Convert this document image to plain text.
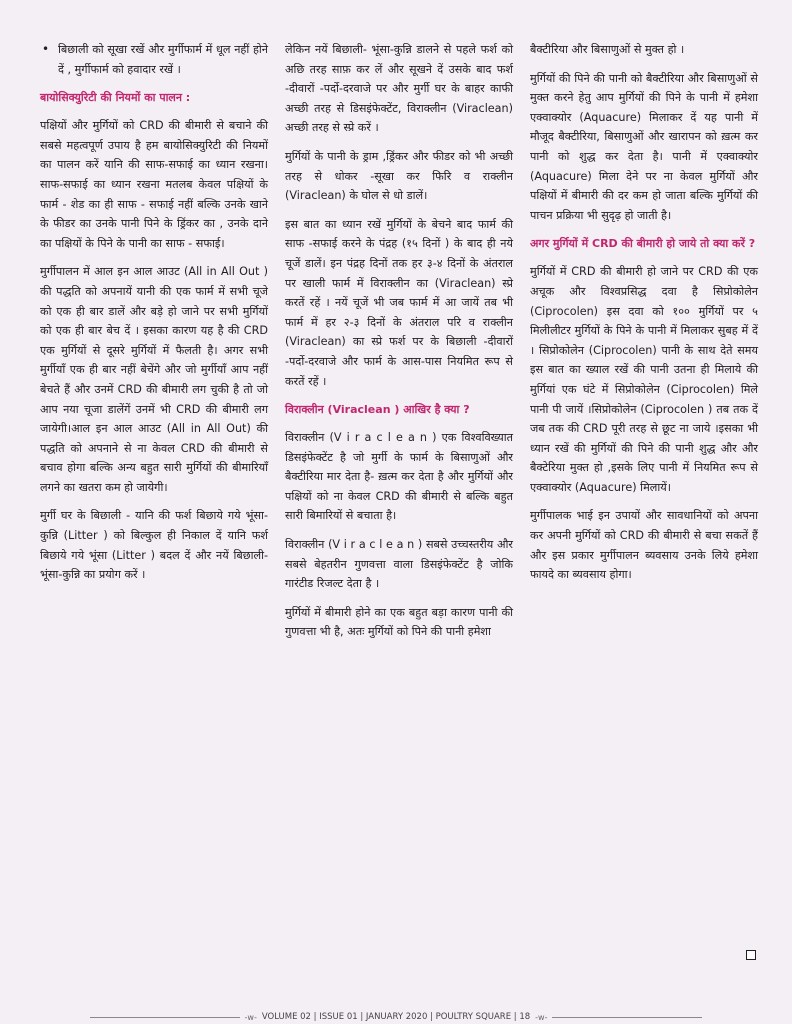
• बिछाली को सूखा रखें और मुर्गीफार्म में धूल नहीं होने दें , मुर्गीफार्म को हवादार रखें ।

बायोसिक्युरिटी की नियमों का पालन :

पक्षियों और मुर्गियों को CRD की बीमारी से बचाने की सबसे महत्वपूर्ण उपाय है हम बायोसिक्युरिटी की नियमों का पालन करें यानि की साफ-सफाई का ध्यान रखना।साफ-सफाई का ध्यान रखना मतलब केवल पक्षियों के फार्म - शेड का ही साफ - सफाई नहीं बल्कि उनके खाने के फीडर का उनके पानी पिने के ड्रिंकर का , उनके दाने का पक्षियों के पिने के पानी का साफ - सफाई।

मुर्गीपालन में आल इन आल आउट (All in All Out ) की पद्धति को अपनायें यानी की एक फार्म में सभी चूजे को एक ही बार डालें और बड़े हो जाने पर सभी मुर्गियों को एक ही बार बेच दें । इसका कारण यह है की CRD एक मुर्गियों से दूसरे मुर्गियों में फैलती है। अगर सभी मुर्गीयाँ एक ही बार नहीं बेचेंगे और जो मुर्गीयाँ आप नहीं बेचते हैं और उनमें CRD की बीमारी लग चुकी है तो जो आप नया चूजा डालेंगें उनमें भी CRD की बीमारी लग जायेगी।आल इन आल आउट (All in All Out) की पद्धति को अपनाने से ना केवल CRD की बीमारी से बचाव होगा बल्कि अन्य बहुत सारी मुर्गियों की बीमारियाँ लगने का खतरा कम हो जायेगी।

मुर्गी घर के बिछाली - यानि की फर्श बिछाये गये भूंसा-कुन्नि (Litter ) को बिल्कुल ही निकाल दें यानि फर्श बिछाये गये भूंसा (Litter ) बदल दें और नयें बिछाली- भूंसा-कुन्नि का प्रयोग करें ।

लेकिन नयें बिछाली- भूंसा-कुन्नि डालने से पहले फर्श को अछि तरह साफ़ कर लें और सूखने दें उसके बाद फर्श -दीवारों -पर्दो-दरवाजे पर और मुर्गी घर के बाहर काफी अच्छी तरह से डिसइंफेक्टेंट, विराक्लीन (Viraclean) अच्छी तरह से स्प्रे करें ।

मुर्गियों के पानी के ड्राम ,ड्रिंकर और फीडर को भी अच्छी तरह से धोकर -सूखा कर फिरि व राक्लीन (Viraclean) के घोल से धो डालें।

इस बात का ध्यान रखें मुर्गियों के बेचने बाद फार्म की साफ -सफाई करने के पंद्रह (१५ दिनों ) के बाद ही नये चूजें डालें। इन पंद्रह दिनों तक हर ३-४ दिनों के अंतराल पर खाली फार्म में विराक्लीन का (Viraclean) स्प्रे करतें रहें । नयें चूजें भी जब फार्म में आ जायें तब भी फार्म में हर २-३ दिनों के अंतराल परि व राक्लीन (Viraclean) का स्प्रे फर्श पर के बिछाली -दीवारों -पर्दो-दरवाजे और फार्म के आस-पास नियमित रूप से करतें रहें ।

विराक्लीन (Viraclean ) आखिर है क्या ?

विराक्लीन (V i r a c l e a n ) एक विश्वविख्यात डिसइंफेक्टेंट है जो मुर्गी के फार्म के बिसाणुओं और बैक्टीरिया मार देता है- ख़त्म कर देता है और मुर्गियों और पक्षियों को ना केवल CRD की बीमारी से बल्कि बहुत सारी बिमारियों से बचाता है।

विराक्लीन (V i r a c l e a n ) सबसे उच्चस्तरीय और सबसे बेहतरीन गुणवत्ता वाला डिसइंफेक्टेंट है जोकि गारंटीड रिजल्ट देता है ।

मुर्गियों में बीमारी होने का एक बहुत बड़ा कारण पानी की गुणवत्ता भी है, अतः मुर्गियों को पिने की पानी हमेशा

बैक्टीरिया और बिसाणुओं से मुक्त हो ।

मुर्गियों की पिने की पानी को बैक्टीरिया और बिसाणुओं से मुक्त करने हेतु आप मुर्गियों की पिने के पानी में हमेशा एक्वाक्योर (Aquacure) मिलाकर दें यह पानी में मौजूद बैक्टीरिया, बिसाणुओं और खारापन को ख़त्म कर पानी को शुद्ध कर देता है। पानी में एक्वाक्योर (Aquacure) मिला देने पर ना केवल मुर्गियों और पक्षियों में बीमारी की दर कम हो जाता बल्कि मुर्गियों की पाचन प्रक्रिया भी सुदृढ़ हो जाती है।

अगर मुर्गियों में CRD की बीमारी हो जाये तो क्या करें ?

मुर्गियों में CRD की बीमारी हो जाने पर CRD की एक अचूक और विश्वप्रसिद्ध दवा है सिप्रोकोलेन (Ciprocolen) इस दवा को १०० मुर्गियों पर ५ मिलीलीटर मुर्गियों के पिने के पानी में मिलाकर सुबह में दें । सिप्रोकोलेन (Ciprocolen) पानी के साथ देते समय इस बात का ख्याल रखें की पानी उतना ही मिलाये की मुर्गियां एक घंटे में सिप्रोकोलेन (Ciprocolen) मिले पानी पी जायें ।सिप्रोकोलेन (Ciprocolen ) तब तक दें जब तक की CRD पूरी तरह से छूट ना जाये ।इसका भी ध्यान रखें की मुर्गियों की पिने की पानी शुद्ध और और बैक्टेरिया मुक्त हो ,इसके लिए पानी में नियमित रूप से एक्वाक्योर (Aquacure) मिलायें।

मुर्गीपालक भाई इन उपायों और सावधानियों को अपना कर अपनी मुर्गियों को CRD की बीमारी से बचा सकतें हैं और इस प्रकार मुर्गीपालन ब्यवसाय उनके लिये हमेशा फायदे का ब्यवसाय होगा।

-w- VOLUME 02 | ISSUE 01 | JANUARY 2020 | POULTRY SQUARE | 18 -w-
